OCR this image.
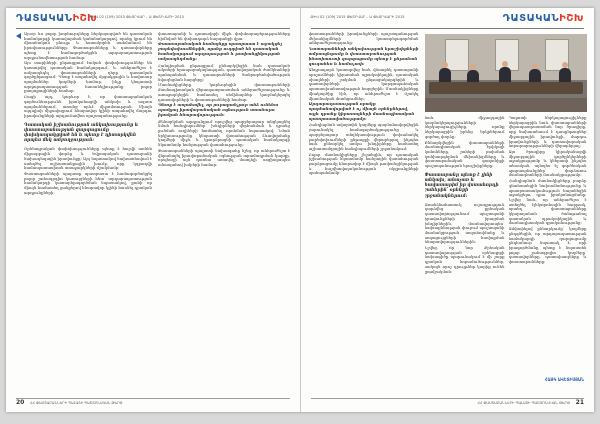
ԴԱՏԱԿԱՆԻՇԽ
ԹԻՎ 02 (109) 2015 ՓԵՏՐՎԱՐ – Ա ՓԵՏՐՎԱՐԻ 2015

Այսօր ևս բոլոր խորհուրդները ներկայացված են դատական համակարգի կառավարման կանոնակարգով, որոնք կրում են միասնական բնույթ և հստակորեն սահմանում են իրավասությունները: Փաստաբանները և դատավորները պետք է համագործակցեն արդարադատության արդյունավետության համար:

Այս տարիների ընթացքում էական փոփոխություններ են կատարվել դատական համակարգում, և անհրաժեշտ է ամրապնդել փաստաբանների դերը դատական գործընթացում: Պետք է ապահովել մրցակցային և հավասար պայմաններ կողմերի համար, ինչը կնպաստի արդարադատության հասանելիությանը բոլոր քաղաքացիների համար:

Բացի այդ, կարևոր է, որ փաստաբանական գործունեությունն իրականացվի անկախ և ազատ պայմաններում, առանց որևէ միջամտության: Միայն այդպիսի միջավայրում հնարավոր կլինի ապահովել մարդու իրավունքների արդյունավետ պաշտպանությունը:

Դատական իշխանության անկախությունը և փաստաբանության զարգացումը փոխկապակցված են և պետք է դիտարկվեն որպես մեկ ամբողջություն:

Օրենսդրական փոփոխությունները պետք է հաշվի առնեն միջազգային փորձը և Եվրոպական դատարանի նախադեպային իրավունքը: Այդ նպատակով նախատեսվում է ստեղծել աշխատանքային խումբ, որը կզբաղվի համապատասխան առաջարկների մշակմամբ:

Փաստաբանների պալատը պատրաստ է համագործակցել բոլոր շահագրգիռ կառույցների հետ՝ արդարադատության համակարգի կատարելագործման նպատակով, քանի որ միայն համատեղ ջանքերով հնարավոր կլինի հասնել դրական արդյունքների:

փաստաբանի և դատավորի միջև փոխհարաբերությունները հիմնված են փոխադարձ հարգանքի վրա:

Փաստաբանական համայնքը պատրաստ է աջակցել բարեփոխումներին, որոնք ուղղված են դատական համակարգում արդարության և թափանցիկության ամրապնդմանը:

Հանդիպման ընթացքում քննարկվեցին նաև դատական ակտերի հրապարակայնության, դատավարական ժամկետների պահպանման և դատարանների ծանրաբեռնվածության նվազեցման հարցերը:

Մասնակիցները կարևորեցին փաստաբանների մասնագիտական վերապատրաստման անհրաժեշտությունը և առաջարկեցին համատեղ սեմինարներ կազմակերպել դատավորների և փաստաբանների համար:

Պետք է ապահովել, որ յուրաքանչյուր անձ ունենա որակյալ իրավաբանական օգնություն ստանալու իրական հնարավորություն:

Քննարկման արդյունքում որոշվեց պարբերաբար անցկացնել նման հանդիպումներ՝ խնդիրների վերհանման և դրանց լուծման ուղիների համատեղ որոնման նպատակով: Նման երկխոսությունը կնպաստի վստահության ձևավորմանը կողմերի միջև և կբարձրացնի դատական համակարգի նկատմամբ հանրության վստահությունը:

Փաստաբանների պալատի նախագահը նշեց, որ անհրաժեշտ է վերանայել իրավաբանական օգնության տրամադրման կարգը, որպեսզի այն դառնա առավել մատչելի սոցիալապես անապահով խմբերի համար:

20 ՀՀ ՓԱՍՏԱԲԱՆՆԵՐԻ ՊԱԼԱՏԻ ՊԱՇՏՈՆԱԿԱՆ ԹԵՐԹ
ԹԻՎ 02 (109) 2015 ՓԵՏՐՎԱՐ – Ա ՓԵՏՐՎԱՐԻ 2015	ԴԱՏԱԿԱՆԻՇԽ

փաստաբանների իրավունքների պաշտպանության մեխանիզմների կատարելագործման անհրաժեշտությունը:

Դատարանների անկախության երաշխիքների ամրապնդումը և փաստաբանության ինստիտուտի զարգացումը պետք է ընթանան զուգահեռ և համաչափ:

Անդրադարձ կատարվեց նաև վճռաբեկ դատարանի որոշումների կիրառման պրակտիկային, դատական սխալների շտկման ընթացակարգերին և դատավորների կարգապահական պատասխանատվության հարցերին: Մասնակիցները միակարծիք էին, որ անհրաժեշտ է մշակել միասնական մոտեցումներ:

Արդարադատության որակը պայմանավորված է ոչ միայն օրենքներով, այլև դրանք կիրառողների մասնագիտական պատրաստվածությամբ:

Հանդիպման ավարտին կողմերը պայմանավորվեցին շարունակել համագործակցությունը և պարբերաբար տեղեկատվություն փոխանակել բարեփոխումների ընթացքի վերաբերյալ, ինչպես նաև քննարկել առկա խնդիրները համատեղ աշխատանքային հանդիպումների շրջանակում:

Բոլոր մասնակիցները շեշտեցին, որ դատական իշխանության նկատմամբ հանրային վստահության բարձրացումը հնարավոր է միայն թափանցիկության և հաշվետվողականության սկզբունքների պահպանմամբ:

նաև միջազգային կազմակերպությունների ներկայացուցիչները, որոնք ներկայացրին իրենց երկրներում գործող փորձը:

Քննարկվեցին փաստաբանների մասնագիտական էթիկայի կանոնները, շահերի բախման կանխարգելման մեխանիզմները և փաստաբանական գաղտնիքի պաշտպանության երաշխիքները:

Փաստաբանը պետք է լինի անկախ, անաչառ և հավատարիմ իր վստահորդի շահերին՝ օրենքի շրջանակներում:

Առանձնահատուկ ուշադրություն դարձվեց քրեական դատավարությունում պաշտպանի իրավունքների իրացման խնդիրներին, մասնավորապես՝ նախաքննության փուլում պաշտպանի մասնակցության ապահովմանը և ապացույցների հավաքման հնարավորություններին:

Նշվեց, որ նոր Քրեական դատավարության օրենսգրքի նախագիծը պարունակում է մի շարք դրական նորամուծություններ, սակայն որոշ դրույթներ կարիք ունեն լրամշակման:

Պալատի ներկայացուցիչները ներկայացրին նաև փաստաբանների վերապատրաստման նոր ծրագիրը, որը նախատեսում է դասընթացներ միջազգային իրավունքի, մարդու իրավունքների և դատավարական նորարարությունների վերաբերյալ:

Այս ծրագիրը կիրականացվի միջազգային գործընկերների աջակցությամբ և կներառի ինչպես տեսական, այնպես էլ գործնական պարապմունքներ՝ փորձառու մասնագետների մասնակցությամբ:

Հանդիպման մասնակիցները բարձր գնահատեցին նախաձեռնությունը և պատրաստակամություն հայտնեցին աջակցելու դրա իրականացմանը: Նշվեց նաև, որ անհրաժեշտ է ստեղծել էլեկտրոնային հարթակ, որտեղ փաստաբանները կկարողանան ծանոթանալ դատական պրակտիկային և մասնագիտական գրականությանը:

Ամփոփելով քննարկումը՝ կողմերը ընդգծեցին, որ արդարադատության համակարգի զարգացումը ընդհանուր նպատակ է, որի իրագործմանը պետք է նպաստեն բոլոր շահագրգիռ կողմերը՝ դատավորները, դատախազները և փաստաբանները:

ՀԱՅԿ ԱՎԵՏԻՍՅԱՆ
ՀՀ ՓԱՍՏԱԲԱՆՆԵՐԻ ՊԱԼԱՏԻ ՊԱՇՏՈՆԱԿԱՆ ԹԵՐԹ 21
